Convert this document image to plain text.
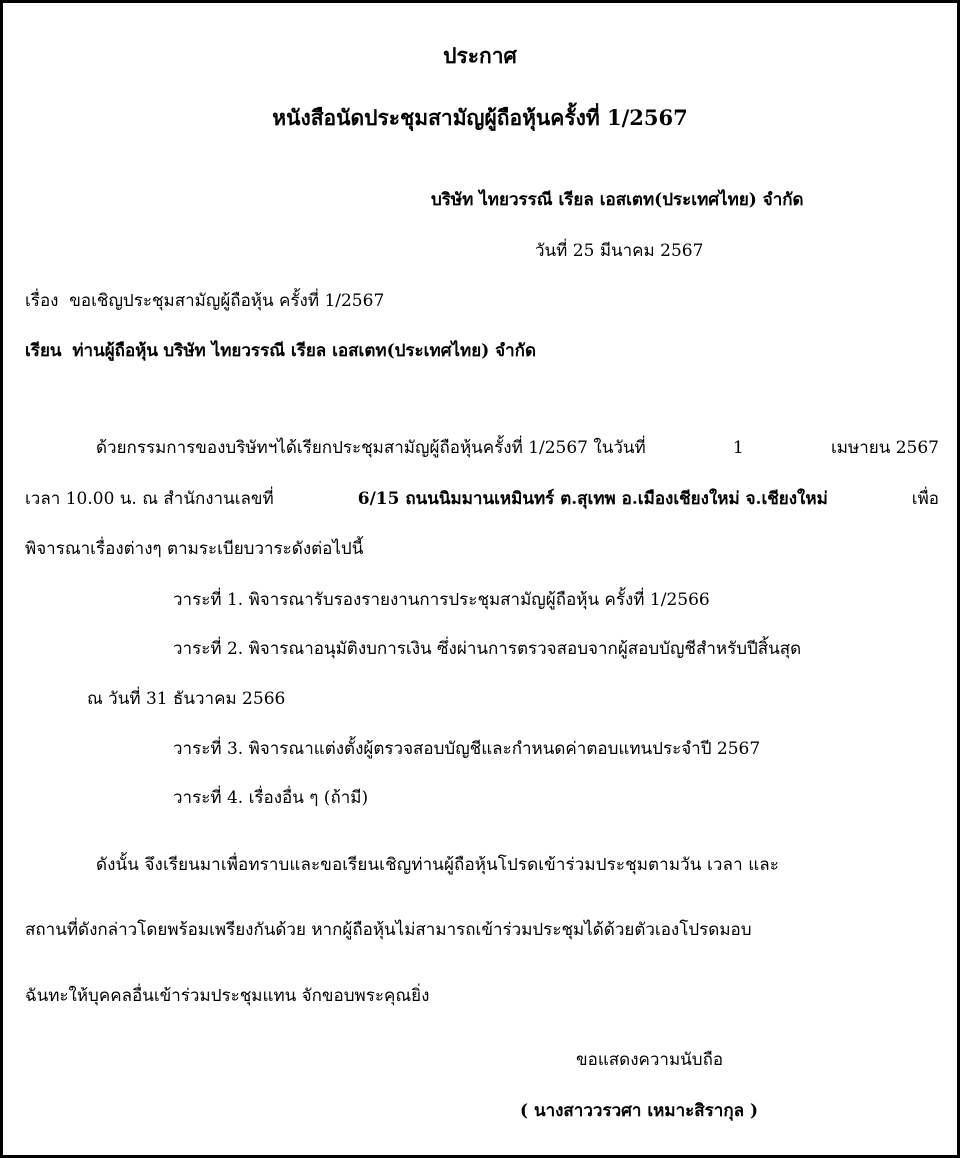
ประกาศ
หนังสือนัดประชุมสามัญผู้ถือหุ้นครั้งที่ 1/2567
บริษัท ไทยวรรณี เรียล เอสเตท(ประเทศไทย) จำกัด
วันที่ 25 มีนาคม 2567
เรื่อง ขอเชิญประชุมสามัญผู้ถือหุ้น ครั้งที่ 1/2567
เรียน ท่านผู้ถือหุ้น บริษัท ไทยวรรณี เรียล เอสเตท(ประเทศไทย) จำกัด
ด้วยกรรมการของบริษัทฯได้เรียกประชุมสามัญผู้ถือหุ้นครั้งที่ 1/2567 ในวันที่	1	เมษายน 2567
เวลา 10.00 น. ณ สำนักงานเลขที่	6/15 ถนนนิมมานเหมินทร์ ต.สุเทพ อ.เมืองเชียงใหม่ จ.เชียงใหม่	เพื่อ
พิจารณาเรื่องต่างๆ ตามระเบียบวาระดังต่อไปนี้
วาระที่ 1. พิจารณารับรองรายงานการประชุมสามัญผู้ถือหุ้น ครั้งที่ 1/2566
วาระที่ 2. พิจารณาอนุมัติงบการเงิน ซึ่งผ่านการตรวจสอบจากผู้สอบบัญชีสำหรับปีสิ้นสุด
ณ วันที่ 31 ธันวาคม 2566
วาระที่ 3. พิจารณาแต่งตั้งผู้ตรวจสอบบัญชีและกำหนดค่าตอบแทนประจำปี 2567
วาระที่ 4. เรื่องอื่น ๆ (ถ้ามี)
ดังนั้น จึงเรียนมาเพื่อทราบและขอเรียนเชิญท่านผู้ถือหุ้นโปรดเข้าร่วมประชุมตามวัน เวลา และ
สถานที่ดังกล่าวโดยพร้อมเพรียงกันด้วย หากผู้ถือหุ้นไม่สามารถเข้าร่วมประชุมได้ด้วยตัวเองโปรดมอบ
ฉันทะให้บุคคลอื่นเข้าร่วมประชุมแทน จักขอบพระคุณยิ่ง
ขอแสดงความนับถือ
( นางสาววรวศา เหมาะสิรากุล )
